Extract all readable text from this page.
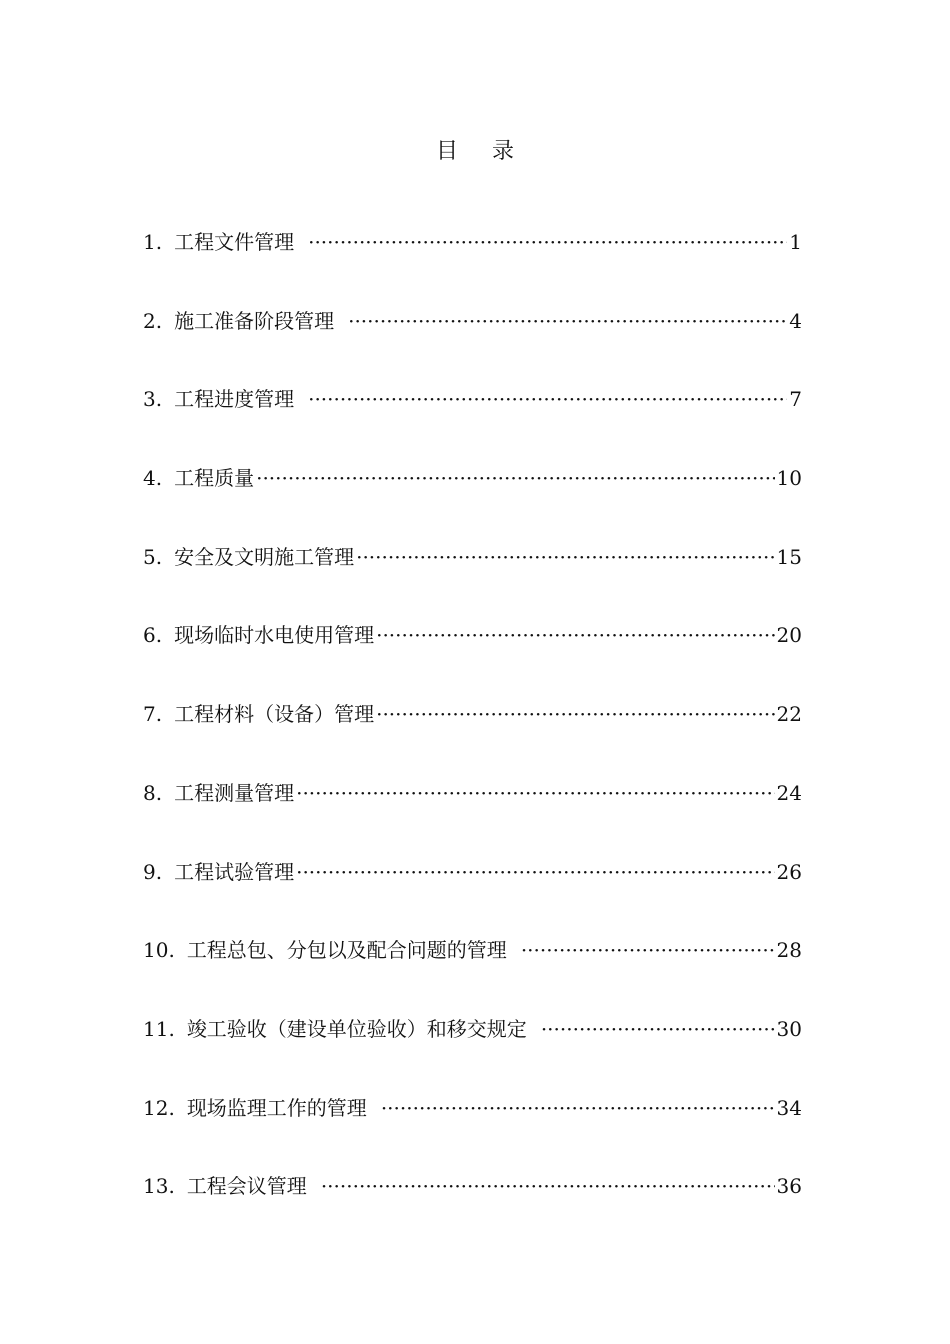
目 录
1. 工程文件管理 ·····	1
2. 施工准备阶段管理 ·····	4
3. 工程进度管理 ·····	7
4. 工程质量 ·····	10
5. 安全及文明施工管理 ·····	15
6. 现场临时水电使用管理 ·····	20
7. 工程材料（设备）管理 ·····	22
8. 工程测量管理 ·····	24
9. 工程试验管理 ·····	26
10. 工程总包、分包以及配合问题的管理 ·····	28
11. 竣工验收（建设单位验收）和移交规定 ·····	30
12. 现场监理工作的管理 ·····	34
13. 工程会议管理 ·····	36
